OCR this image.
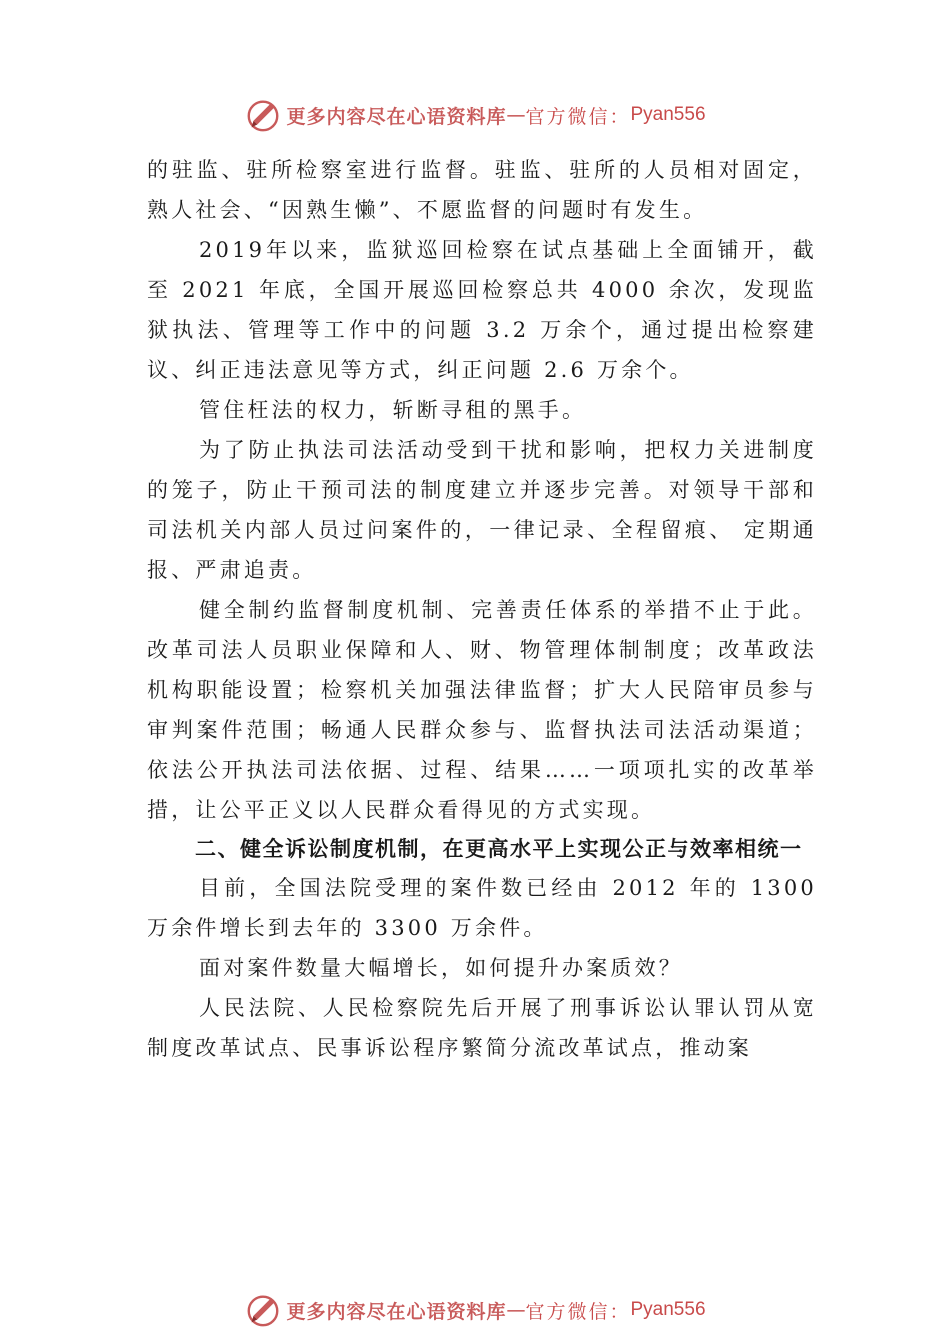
更多内容尽在心语资料库 — 官方微信： Pyan556

的驻监、驻所检察室进行监督。驻监、驻所的人员相对固定，熟人社会、“因熟生懒”、不愿监督的问题时有发生。

2019年以来，监狱巡回检察在试点基础上全面铺开，截至 2021 年底，全国开展巡回检察总共 4000 余次，发现监狱执法、管理等工作中的问题 3.2 万余个，通过提出检察建议、纠正违法意见等方式，纠正问题 2.6 万余个。

管住枉法的权力，斩断寻租的黑手。

为了防止执法司法活动受到干扰和影响，把权力关进制度的笼子，防止干预司法的制度建立并逐步完善。对领导干部和司法机关内部人员过问案件的，一律记录、全程留痕、 定期通报、严肃追责。

健全制约监督制度机制、完善责任体系的举措不止于此。改革司法人员职业保障和人、财、物管理体制制度；改革政法机构职能设置；检察机关加强法律监督；扩大人民陪审员参与审判案件范围；畅通人民群众参与、监督执法司法活动渠道；依法公开执法司法依据、过程、结果……一项项扎实的改革举措，让公平正义以人民群众看得见的方式实现。

二、健全诉讼制度机制，在更高水平上实现公正与效率相统一

目前，全国法院受理的案件数已经由 2012 年的 1300 万余件增长到去年的 3300 万余件。

面对案件数量大幅增长，如何提升办案质效？

人民法院、人民检察院先后开展了刑事诉讼认罪认罚从宽制度改革试点、民事诉讼程序繁简分流改革试点，推动案

更多内容尽在心语资料库 — 官方微信： Pyan556
